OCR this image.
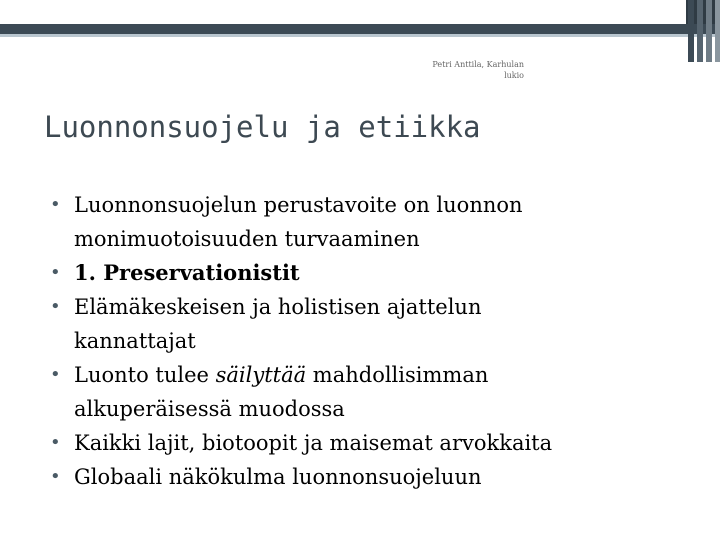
Petri Anttila, Karhulan
lukio
Luonnonsuojelu ja etiikka
• Luonnonsuojelun perustavoite on luonnon
monimuotoisuuden turvaaminen
• 1. Preservationistit
• Elämäkeskeisen ja holistisen ajattelun
kannattajat
• Luonto tulee säilyttää mahdollisimman
alkuperäisessä muodossa
• Kaikki lajit, biotoopit ja maisemat arvokkaita
• Globaali näkökulma luonnonsuojeluun
